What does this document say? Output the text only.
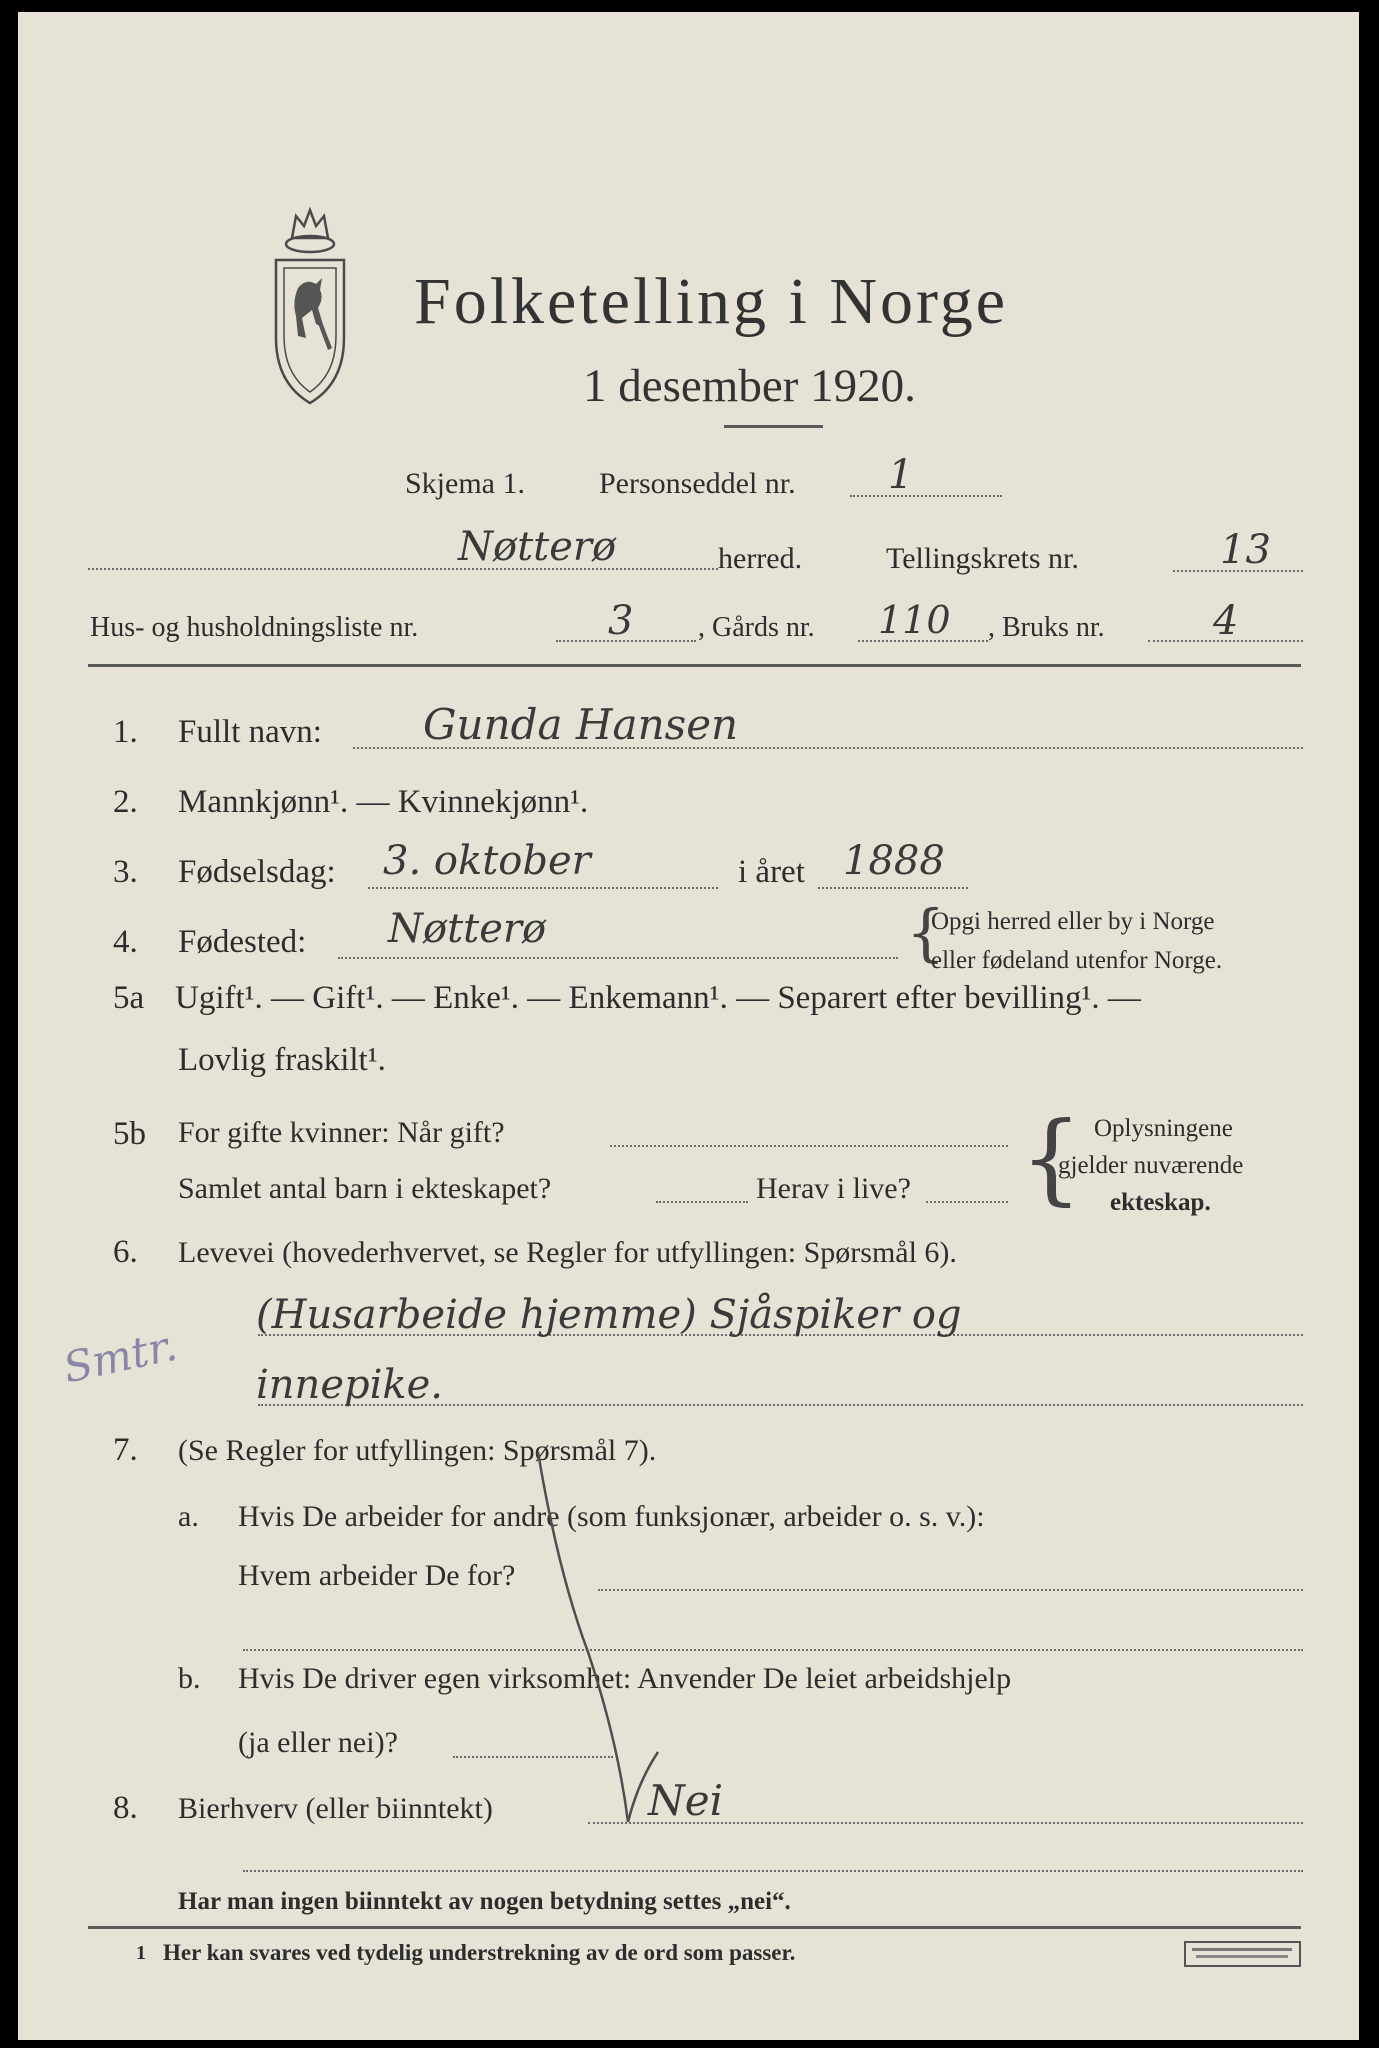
Folketelling i Norge
1 desember 1920.
Skjema 1. Personseddel nr. 1
Nøtterø	herred.	Tellingskrets nr.	13
Hus- og husholdningsliste nr.	3 , Gårds nr. 110 , Bruks nr.	4
1. Fullt navn: Gunda Hansen
2. Mannkjønn¹. — Kvinnekjønn¹.
3. Fødselsdag: 3. oktober	i året 1888
4. Fødested: Nøtterø	{
Opgi herred eller by i Norge
eller fødeland utenfor Norge.
5a Ugift¹. — Gift¹. — Enke¹. — Enkemann¹. — Separert efter bevilling¹. —
Lovlig fraskilt¹.
5b For gifte kvinner: Når gift?
Samlet antal barn i ekteskapet?	Herav i live? { Oplysningene
gjelder nuværende
ekteskap.
6. Levevei (hovederhvervet, se Regler for utfyllingen: Spørsmål 6).
Smtr.
(Husarbeide hjemme) Sjåspiker og
innepike.
7. (Se Regler for utfyllingen: Spørsmål 7).
a. Hvis De arbeider for andre (som funksjonær, arbeider o. s. v.):
Hvem arbeider De for?
b. Hvis De driver egen virksomhet: Anvender De leiet arbeidshjelp
(ja eller nei)?
8. Bierhverv (eller biinntekt)	Nei
Har man ingen biinntekt av nogen betydning settes „nei“.
1 Her kan svares ved tydelig understrekning av de ord som passer.
